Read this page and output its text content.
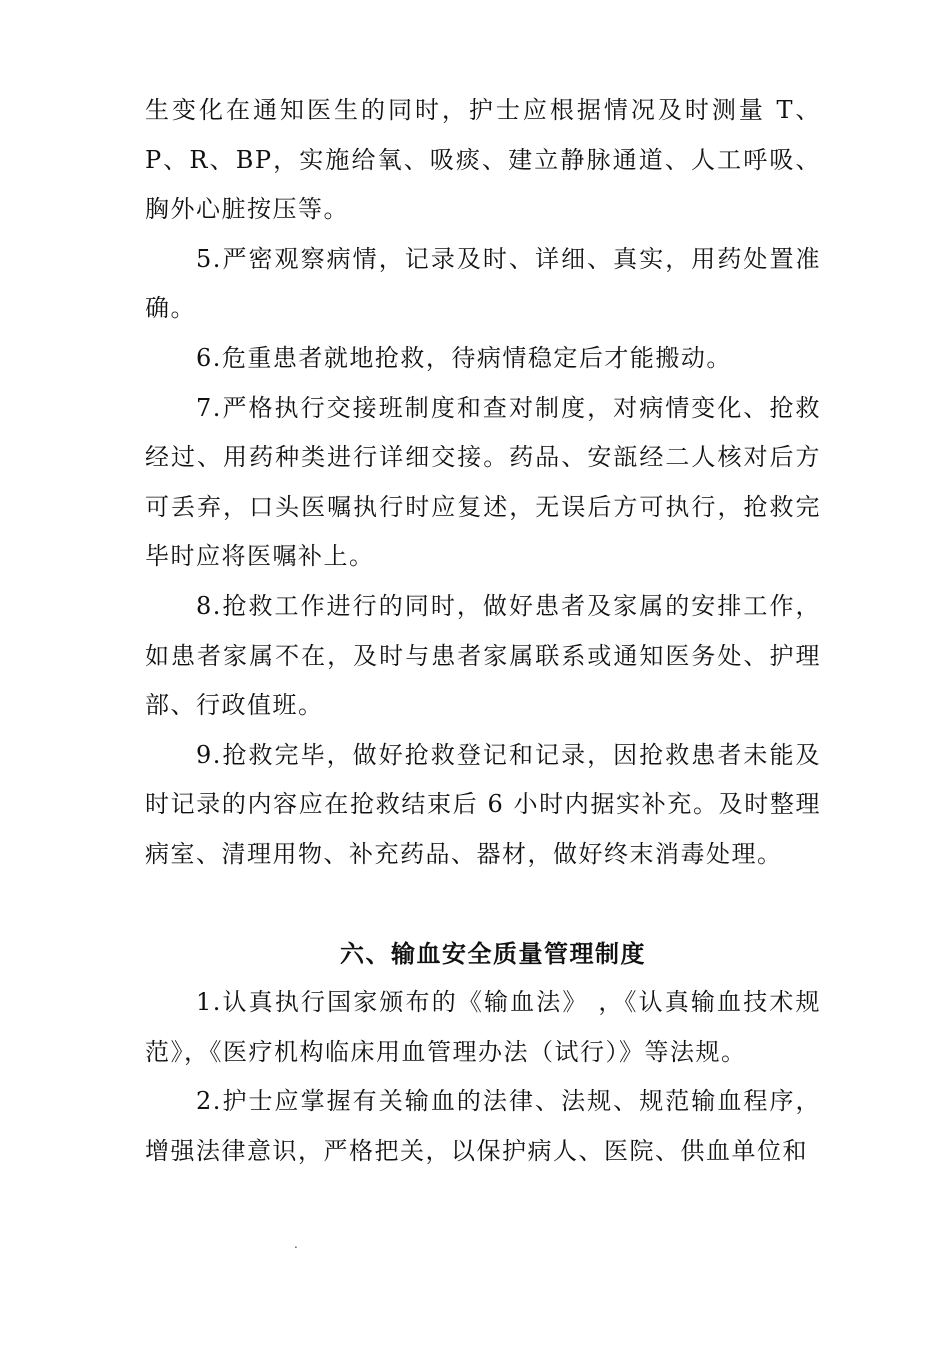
生变化在通知医生的同时，护士应根据情况及时测量 T、P、R、BP，实施给氧、吸痰、建立静脉通道、人工呼吸、胸外心脏按压等。

5.严密观察病情，记录及时、详细、真实，用药处置准确。

6.危重患者就地抢救，待病情稳定后才能搬动。

7.严格执行交接班制度和查对制度，对病情变化、抢救经过、用药种类进行详细交接。药品、安瓿经二人核对后方可丢弃，口头医嘱执行时应复述，无误后方可执行，抢救完毕时应将医嘱补上。

8.抢救工作进行的同时，做好患者及家属的安排工作，如患者家属不在，及时与患者家属联系或通知医务处、护理部、行政值班。

9.抢救完毕，做好抢救登记和记录，因抢救患者未能及时记录的内容应在抢救结束后 6 小时内据实补充。及时整理病室、清理用物、补充药品、器材，做好终末消毒处理。

六、输血安全质量管理制度

1.认真执行国家颁布的《输血法》 ，《认真输血技术规范》，《医疗机构临床用血管理办法（试行）》等法规。

2.护士应掌握有关输血的法律、法规、规范输血程序，增强法律意识，严格把关，以保护病人、医院、供血单位和

.
